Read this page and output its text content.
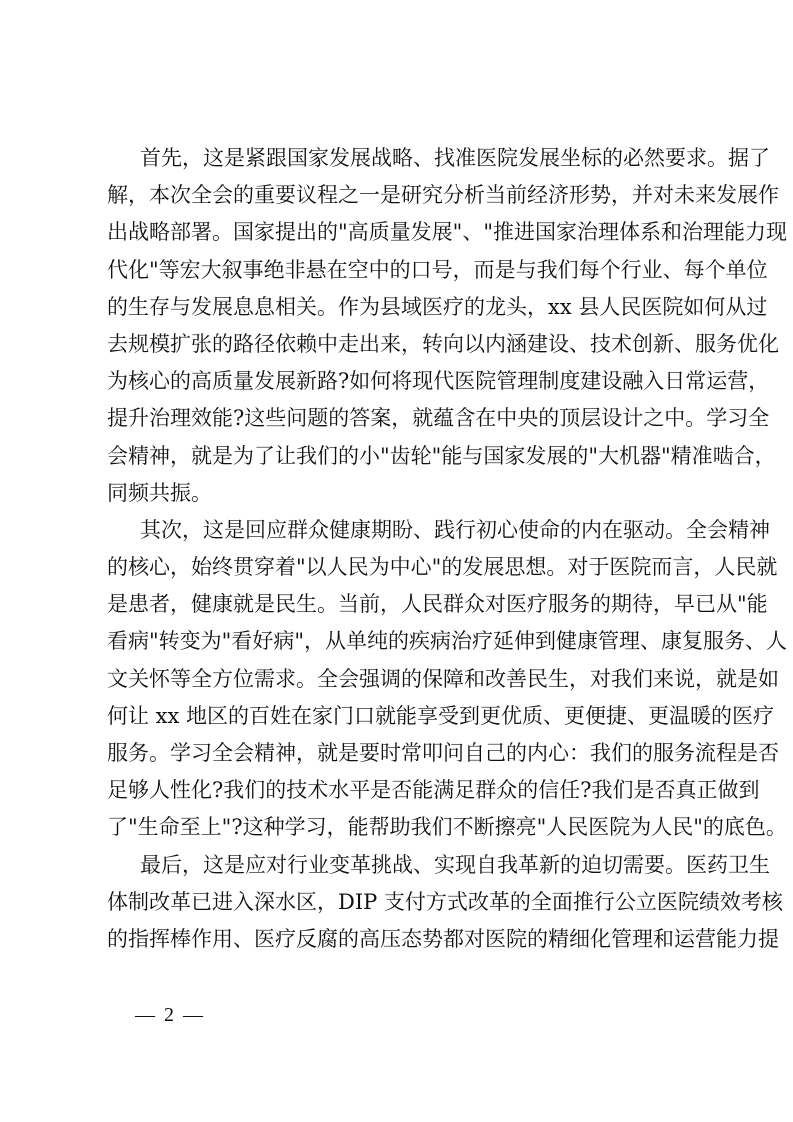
首先，这是紧跟国家发展战略、找准医院发展坐标的必然要求。据了
解，本次全会的重要议程之一是研究分析当前经济形势，并对未来发展作
出战略部署。国家提出的"高质量发展"、"推进国家治理体系和治理能力现
代化"等宏大叙事绝非悬在空中的口号，而是与我们每个行业、每个单位
的生存与发展息息相关。作为县域医疗的龙头，xx 县人民医院如何从过
去规模扩张的路径依赖中走出来，转向以内涵建设、技术创新、服务优化
为核心的高质量发展新路?如何将现代医院管理制度建设融入日常运营，
提升治理效能?这些问题的答案，就蕴含在中央的顶层设计之中。学习全
会精神，就是为了让我们的小"齿轮"能与国家发展的"大机器"精准啮合，
同频共振。
其次，这是回应群众健康期盼、践行初心使命的内在驱动。全会精神
的核心，始终贯穿着"以人民为中心"的发展思想。对于医院而言，人民就
是患者，健康就是民生。当前，人民群众对医疗服务的期待，早已从"能
看病"转变为"看好病"，从单纯的疾病治疗延伸到健康管理、康复服务、人
文关怀等全方位需求。全会强调的保障和改善民生，对我们来说，就是如
何让 xx 地区的百姓在家门口就能享受到更优质、更便捷、更温暖的医疗
服务。学习全会精神，就是要时常叩问自己的内心：我们的服务流程是否
足够人性化?我们的技术水平是否能满足群众的信任?我们是否真正做到
了"生命至上"?这种学习，能帮助我们不断擦亮"人民医院为人民"的底色。
最后，这是应对行业变革挑战、实现自我革新的迫切需要。医药卫生
体制改革已进入深水区，DIP 支付方式改革的全面推行公立医院绩效考核
的指挥棒作用、医疗反腐的高压态势都对医院的精细化管理和运营能力提
— 2 —
